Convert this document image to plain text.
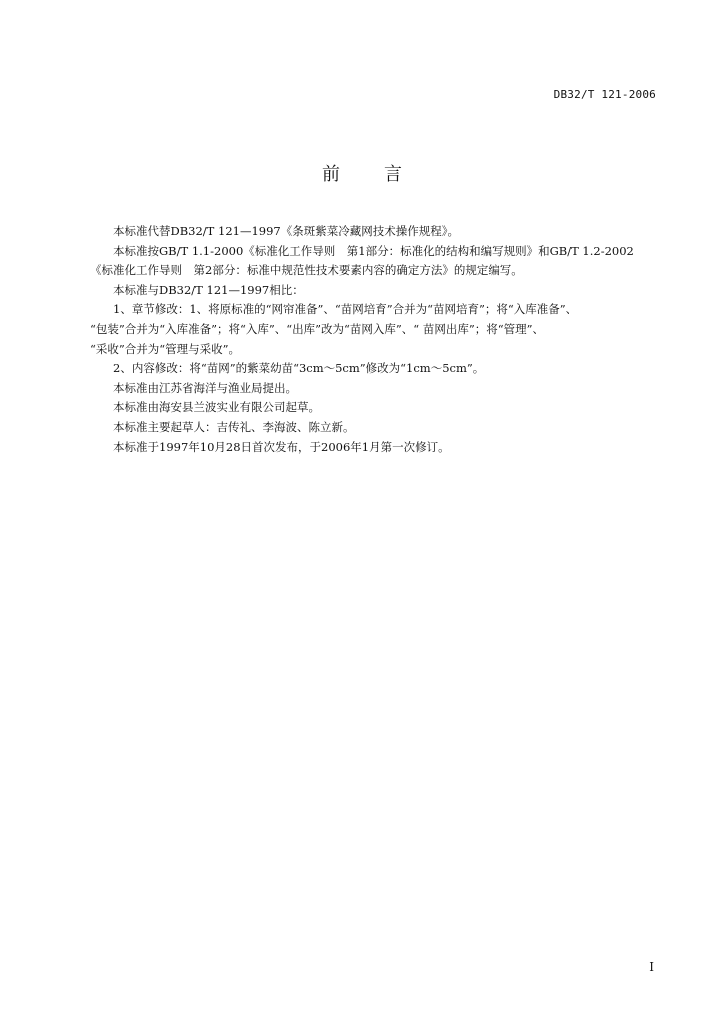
DB32/T 121-2006
前言

本标准代替DB32/T 121—1997《条斑紫菜冷藏网技术操作规程》。

本标准按GB/T 1.1-2000《标准化工作导则　第1部分：标准化的结构和编写规则》和GB/T 1.2-2002

《标准化工作导则　第2部分：标准中规范性技术要素内容的确定方法》的规定编写。

本标准与DB32/T 121—1997相比：

1、章节修改：1、将原标准的“网帘准备”、“苗网培育”合并为“苗网培育”；将“入库准备”、

“包装”合并为“入库准备”；将“入库”、“出库”改为“苗网入库”、“ 苗网出库”；将“管理”、

“采收”合并为“管理与采收”。

2、内容修改：将“苗网”的紫菜幼苗“3cm～5cm”修改为“1cm～5cm”。

本标准由江苏省海洋与渔业局提出。

本标准由海安县兰波实业有限公司起草。

本标准主要起草人：吉传礼、李海波、陈立新。

本标准于1997年10月28日首次发布，于2006年1月第一次修订。

I
